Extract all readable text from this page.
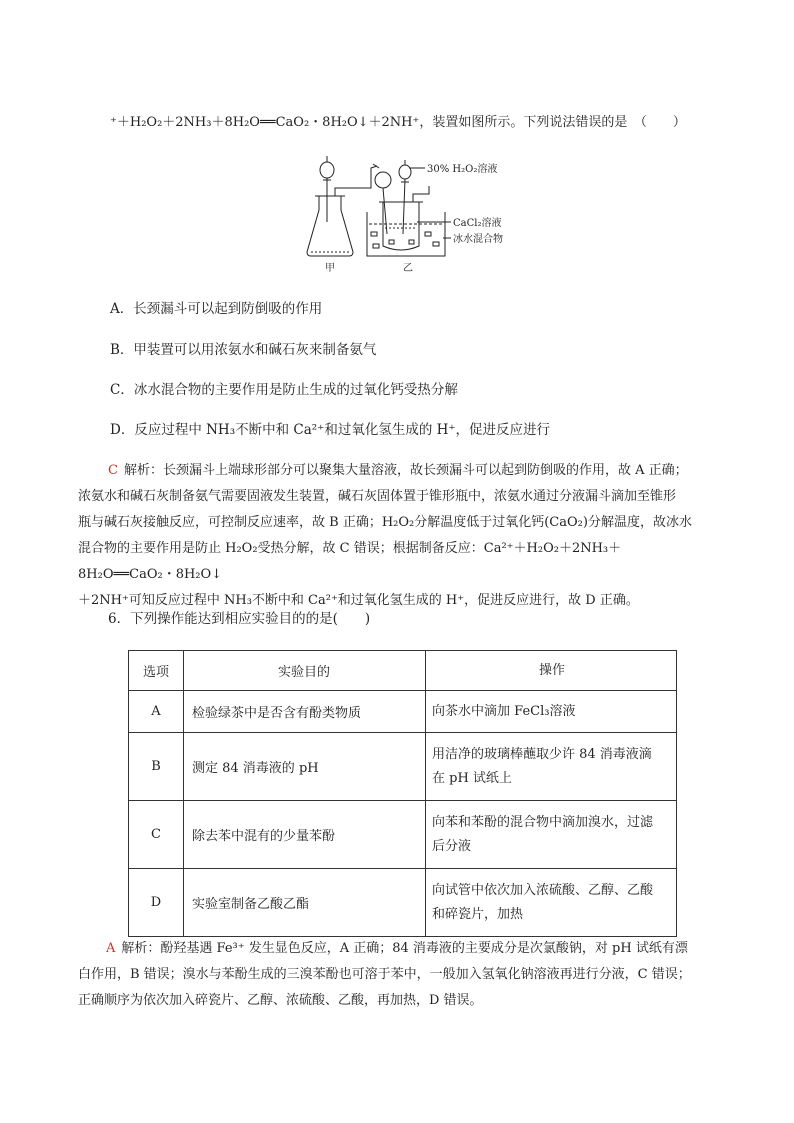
⁺＋H₂O₂＋2NH₃＋8H₂O══CaO₂・8H₂O↓＋2NH⁺，装置如图所示。下列说法错误的是　（　　）
30% H₂O₂溶液
CaCl₂溶液
冰水混合物
甲	乙
A．长颈漏斗可以起到防倒吸的作用
B．甲装置可以用浓氨水和碱石灰来制备氨气
C．冰水混合物的主要作用是防止生成的过氧化钙受热分解
D．反应过程中 NH₃不断中和 Ca²⁺和过氧化氢生成的 H⁺，促进反应进行
C 解析：长颈漏斗上端球形部分可以聚集大量溶液，故长颈漏斗可以起到防倒吸的作用，故 A 正确；
浓氨水和碱石灰制备氨气需要固液发生装置，碱石灰固体置于锥形瓶中，浓氨水通过分液漏斗滴加至锥形
瓶与碱石灰接触反应，可控制反应速率，故 B 正确；H₂O₂分解温度低于过氧化钙(CaO₂)分解温度，故冰水
混合物的主要作用是防止 H₂O₂受热分解，故 C 错误；根据制备反应：Ca²⁺＋H₂O₂＋2NH₃＋8H₂O══CaO₂・8H₂O↓
＋2NH⁺可知反应过程中 NH₃不断中和 Ca²⁺和过氧化氢生成的 H⁺，促进反应进行，故 D 正确。
6．下列操作能达到相应实验目的的是(　　)
选项	实验目的	操作
A	检验绿茶中是否含有酚类物质	向茶水中滴加 FeCl₃溶液

B	测定 84 消毒液的 pH	用洁净的玻璃棒蘸取少许 84 消毒液滴
在 pH 试纸上

C	除去苯中混有的少量苯酚	向苯和苯酚的混合物中滴加溴水，过滤
后分液

D	实验室制备乙酸乙酯	向试管中依次加入浓硫酸、乙醇、乙酸
和碎瓷片，加热
A 解析：酚羟基遇 Fe³⁺ 发生显色反应，A 正确；84 消毒液的主要成分是次氯酸钠，对 pH 试纸有漂
白作用，B 错误；溴水与苯酚生成的三溴苯酚也可溶于苯中，一般加入氢氧化钠溶液再进行分液，C 错误；
正确顺序为依次加入碎瓷片、乙醇、浓硫酸、乙酸，再加热，D 错误。
